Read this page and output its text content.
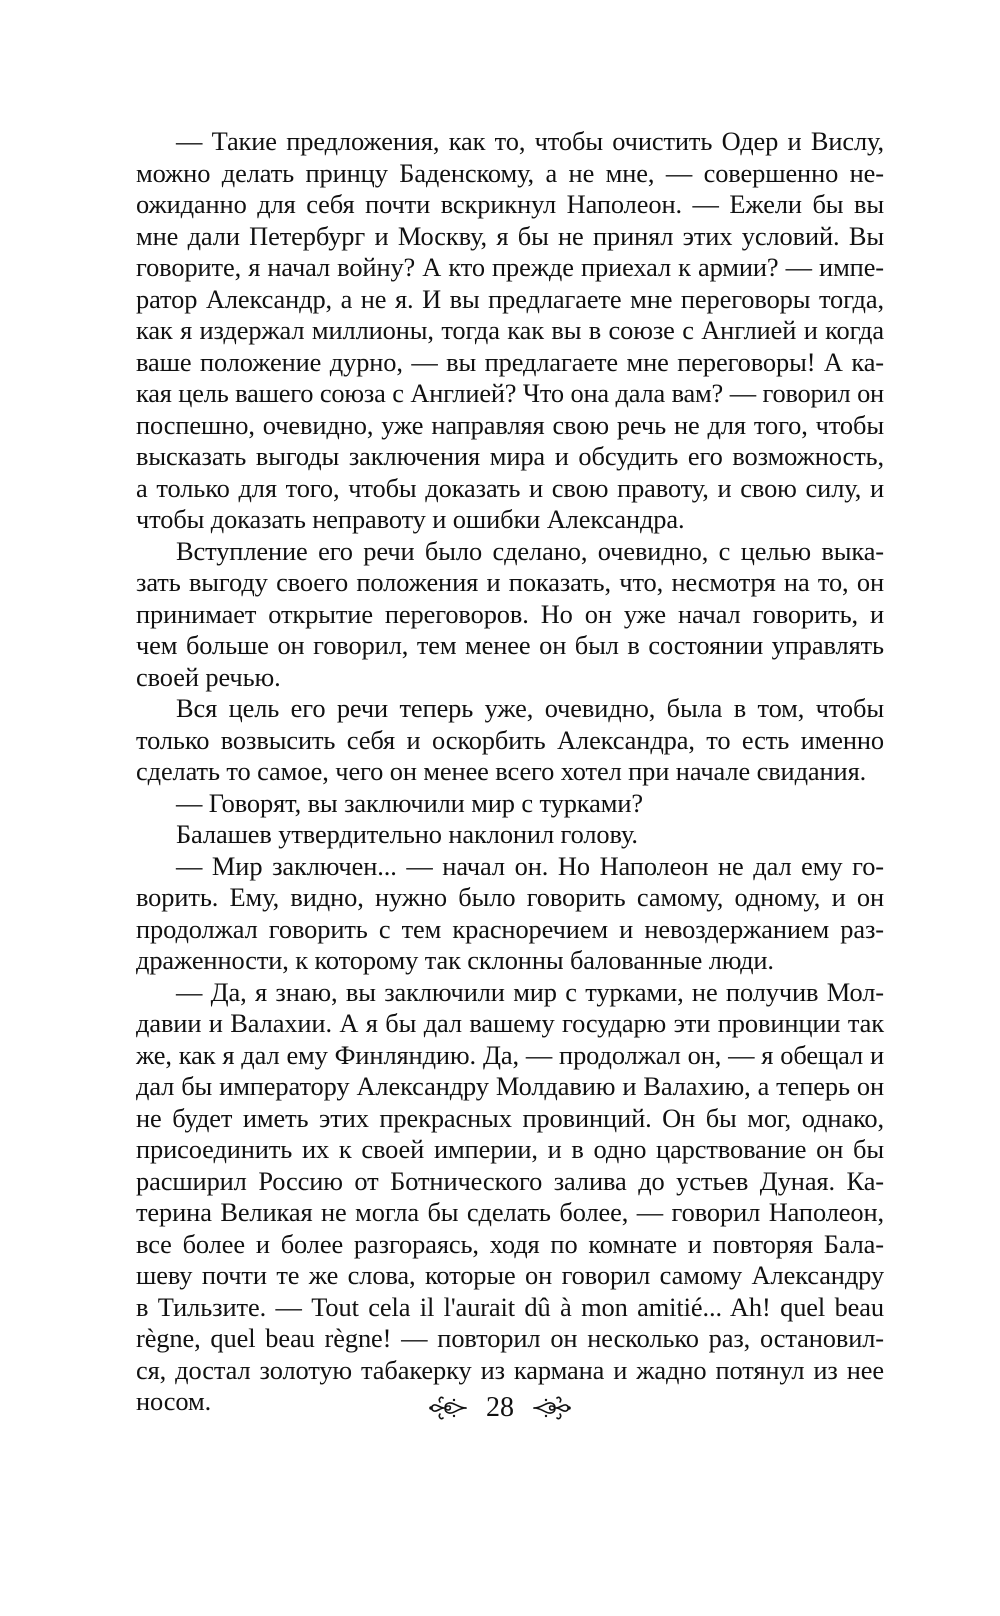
— Такие предложения, как то, чтобы очистить Одер и Вислу,
можно делать принцу Баденскому, а не мне, — совершенно не-
ожиданно для себя почти вскрикнул Наполеон. — Ежели бы вы
мне дали Петербург и Москву, я бы не принял этих условий. Вы
говорите, я начал войну? А кто прежде приехал к армии? — импе-
ратор Александр, а не я. И вы предлагаете мне переговоры тогда,
как я издержал миллионы, тогда как вы в союзе с Англией и когда
ваше положение дурно, — вы предлагаете мне переговоры! А ка-
кая цель вашего союза с Англией? Что она дала вам? — говорил он
поспешно, очевидно, уже направляя свою речь не для того, чтобы
высказать выгоды заключения мира и обсудить его возможность,
а только для того, чтобы доказать и свою правоту, и свою силу, и
чтобы доказать неправоту и ошибки Александра.
Вступление его речи было сделано, очевидно, с целью выка-
зать выгоду своего положения и показать, что, несмотря на то, он
принимает открытие переговоров. Но он уже начал говорить, и
чем больше он говорил, тем менее он был в состоянии управлять
своей речью.
Вся цель его речи теперь уже, очевидно, была в том, чтобы
только возвысить себя и оскорбить Александра, то есть именно
сделать то самое, чего он менее всего хотел при начале свидания.
— Говорят, вы заключили мир с турками?
Балашев утвердительно наклонил голову.
— Мир заключен... — начал он. Но Наполеон не дал ему го-
ворить. Ему, видно, нужно было говорить самому, одному, и он
продолжал говорить с тем красноречием и невоздержанием раз-
драженности, к которому так склонны балованные люди.
— Да, я знаю, вы заключили мир с турками, не получив Мол-
давии и Валахии. А я бы дал вашему государю эти провинции так
же, как я дал ему Финляндию. Да, — продолжал он, — я обещал и
дал бы императору Александру Молдавию и Валахию, а теперь он
не будет иметь этих прекрасных провинций. Он бы мог, однако,
присоединить их к своей империи, и в одно царствование он бы
расширил Россию от Ботнического залива до устьев Дуная. Ка-
терина Великая не могла бы сделать более, — говорил Наполеон,
все более и более разгораясь, ходя по комнате и повторяя Бала-
шеву почти те же слова, которые он говорил самому Александру
в Тильзите. — Tout cela il l'aurait dû à mon amitié... Ah! quel beau
règne, quel beau règne! — повторил он несколько раз, остановил-
ся, достал золотую табакерку из кармана и жадно потянул из нее
носом.	28
